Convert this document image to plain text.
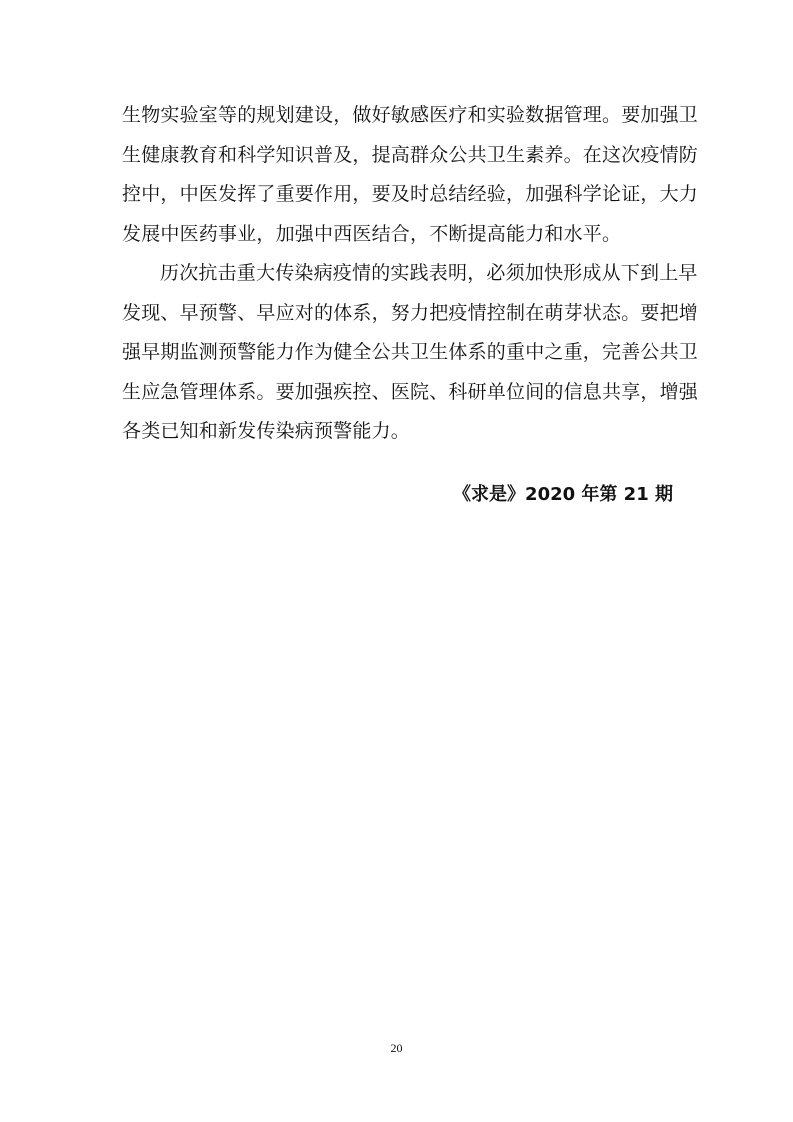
生物实验室等的规划建设，做好敏感医疗和实验数据管理。要加强卫
生健康教育和科学知识普及，提高群众公共卫生素养。在这次疫情防
控中，中医发挥了重要作用，要及时总结经验，加强科学论证，大力
发展中医药事业，加强中西医结合，不断提高能力和水平。
历次抗击重大传染病疫情的实践表明，必须加快形成从下到上早
发现、早预警、早应对的体系，努力把疫情控制在萌芽状态。要把增
强早期监测预警能力作为健全公共卫生体系的重中之重，完善公共卫
生应急管理体系。要加强疾控、医院、科研单位间的信息共享，增强
各类已知和新发传染病预警能力。
《求是》2020 年第 21 期
20
